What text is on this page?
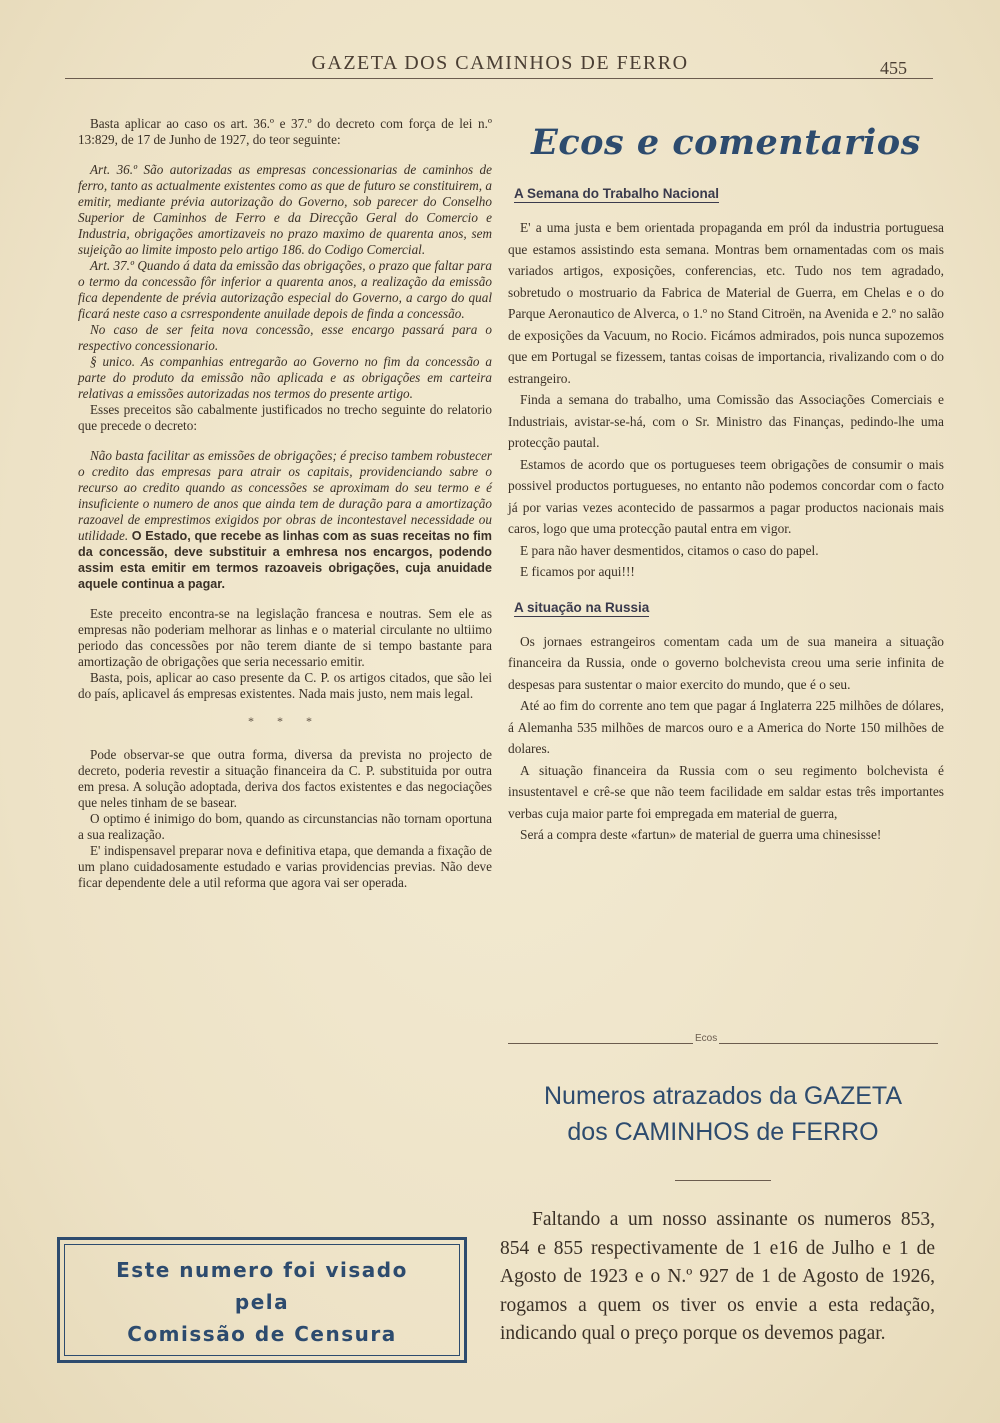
GAZETA DOS CAMINHOS DE FERRO	455

Basta aplicar ao caso os art. 36.º e 37.º do decreto com força de lei n.º 13:829, de 17 de Junho de 1927, do teor seguinte:

Art. 36.º São autorizadas as empresas concessionarias de caminhos de ferro, tanto as actualmente existentes como as que de futuro se constituirem, a emitir, mediante prévia autorização do Governo, sob parecer do Conselho Superior de Caminhos de Ferro e da Direcção Geral do Comercio e Industria, obrigações amortizaveis no prazo maximo de quarenta anos, sem sujeição ao limite imposto pelo artigo 186. do Codigo Comercial.

Art. 37.º Quando á data da emissão das obrigações, o prazo que faltar para o termo da concessão fôr inferior a quarenta anos, a realização da emissão fica dependente de prévia autorização especial do Governo, a cargo do qual ficará neste caso a csrrespondente anuilade depois de finda a concessão.

No caso de ser feita nova concessão, esse encargo passará para o respectivo concessionario.

§ unico. As companhias entregarão ao Governo no fim da concessão a parte do produto da emissão não aplicada e as obrigações em carteira relativas a emissões autorizadas nos termos do presente artigo.

Esses preceitos são cabalmente justificados no trecho seguinte do relatorio que precede o decreto:

Não basta facilitar as emissões de obrigações; é preciso tambem robustecer o credito das empresas para atrair os capitais, providenciando sabre o recurso ao credito quando as concessões se aproximam do seu termo e é insuficiente o numero de anos que ainda tem de duração para a amortização razoavel de emprestimos exigidos por obras de incontestavel necessidade ou utilidade. O Estado, que recebe as linhas com as suas receitas no fim da concessão, deve substituir a emhresa nos encargos, podendo assim esta emitir em termos razoaveis obrigações, cuja anuidade aquele continua a pagar.

Este preceito encontra-se na legislação francesa e noutras. Sem ele as empresas não poderiam melhorar as linhas e o material circulante no ultiimo periodo das concessões por não terem diante de si tempo bastante para amortização de obrigações que seria necessario emitir.

Basta, pois, aplicar ao caso presente da C. P. os artigos citados, que são lei do país, aplicavel ás empresas existentes. Nada mais justo, nem mais legal.

* * *

Pode observar-se que outra forma, diversa da prevista no projecto de decreto, poderia revestir a situação financeira da C. P. substituida por outra em presa. A solução adoptada, deriva dos factos existentes e das negociações que neles tinham de se basear.

O optimo é inimigo do bom, quando as circunstancias não tornam oportuna a sua realização.

E' indispensavel preparar nova e definitiva etapa, que demanda a fixação de um plano cuidadosamente estudado e varias providencias previas. Não deve ficar dependente dele a util reforma que agora vai ser operada.

Este numero foi visado
pela
Comissão de Censura
Ecos e comentarios
A Semana do Trabalho Nacional

E' a uma justa e bem orientada propaganda em pról da industria portuguesa que estamos assistindo esta semana. Montras bem ornamentadas com os mais variados artigos, exposições, conferencias, etc. Tudo nos tem agradado, sobretudo o mostruario da Fabrica de Material de Guerra, em Chelas e o do Parque Aeronautico de Alverca, o 1.º no Stand Citroën, na Avenida e 2.º no salão de exposições da Vacuum, no Rocio. Ficámos admirados, pois nunca supozemos que em Portugal se fizessem, tantas coisas de importancia, rivalizando com o do estrangeiro.

Finda a semana do trabalho, uma Comissão das Associações Comerciais e Industriais, avistar-se-há, com o Sr. Ministro das Finanças, pedindo-lhe uma protecção pautal.

Estamos de acordo que os portugueses teem obrigações de consumir o mais possivel productos portugueses, no entanto não podemos concordar com o facto já por varias vezes acontecido de passarmos a pagar productos nacionais mais caros, logo que uma protecção pautal entra em vigor.

E para não haver desmentidos, citamos o caso do papel.

E ficamos por aqui!!!

A situação na Russia

Os jornaes estrangeiros comentam cada um de sua maneira a situação financeira da Russia, onde o governo bolchevista creou uma serie infinita de despesas para sustentar o maior exercito do mundo, que é o seu.

Até ao fim do corrente ano tem que pagar á Inglaterra 225 milhões de dólares, á Alemanha 535 milhões de marcos ouro e a America do Norte 150 milhões de dolares.

A situação financeira da Russia com o seu regimento bolchevista é insustentavel e crê-se que não teem facilidade em saldar estas três importantes verbas cuja maior parte foi empregada em material de guerra,

Será a compra deste «fartun» de material de guerra uma chinesisse!

Ecos
Numeros atrazados da GAZETA
dos CAMINHOS de FERRO

Faltando a um nosso assinante os numeros 853, 854 e 855 respectivamente de 1 e16 de Julho e 1 de Agosto de 1923 e o N.º 927 de 1 de Agosto de 1926, rogamos a quem os tiver os envie a esta redação, indicando qual o preço porque os devemos pagar.
